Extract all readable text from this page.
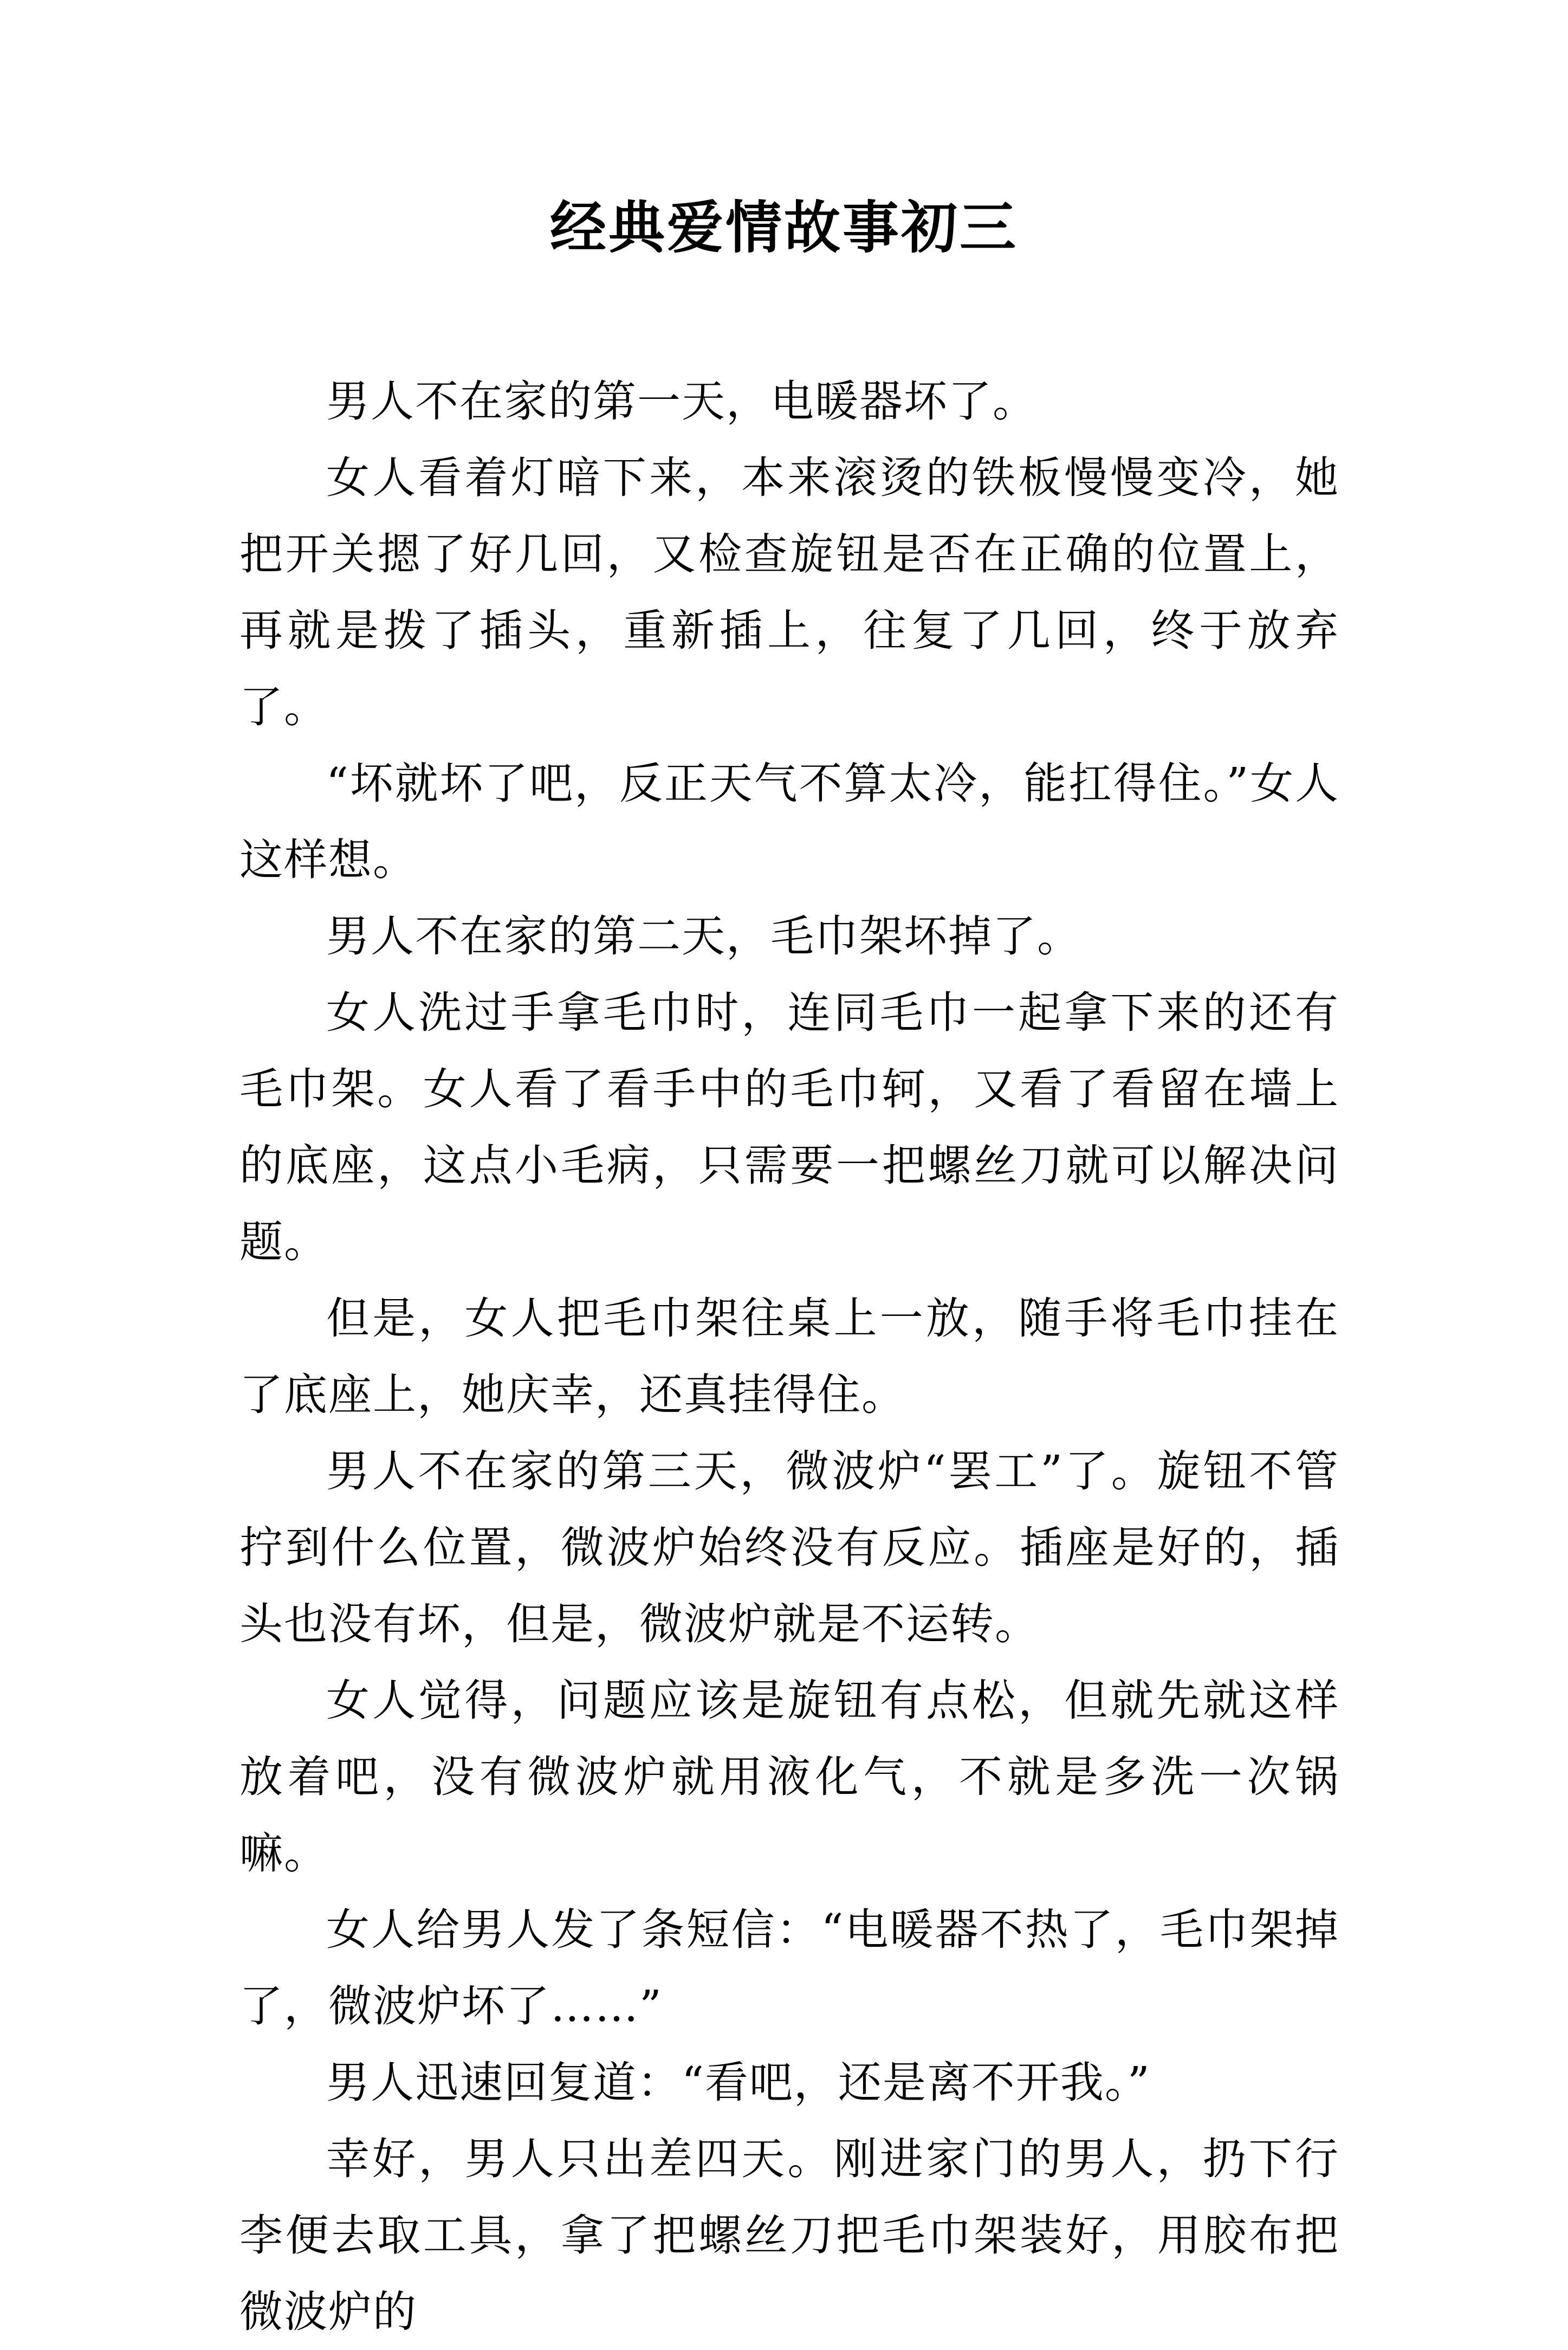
经典爱情故事初三

男人不在家的第一天，电暖器坏了。

女人看着灯暗下来，本来滚烫的铁板慢慢变冷，她把开关摁了好几回，又检查旋钮是否在正确的位置上，再就是拨了插头，重新插上，往复了几回，终于放弃了。

“坏就坏了吧，反正天气不算太冷，能扛得住。”女人这样想。

男人不在家的第二天，毛巾架坏掉了。

女人洗过手拿毛巾时，连同毛巾一起拿下来的还有毛巾架。女人看了看手中的毛巾轲，又看了看留在墙上的底座，这点小毛病，只需要一把螺丝刀就可以解决问题。

但是，女人把毛巾架往桌上一放，随手将毛巾挂在了底座上，她庆幸，还真挂得住。

男人不在家的第三天，微波炉“罢工”了。旋钮不管拧到什么位置，微波炉始终没有反应。插座是好的，插头也没有坏，但是，微波炉就是不运转。

女人觉得，问题应该是旋钮有点松，但就先就这样放着吧，没有微波炉就用液化气，不就是多洗一次锅嘛。

女人给男人发了条短信：“电暖器不热了，毛巾架掉了，微波炉坏了……”

男人迅速回复道：“看吧，还是离不开我。”

幸好，男人只出差四天。刚进家门的男人，扔下行李便去取工具，拿了把螺丝刀把毛巾架装好，用胶布把微波炉的
